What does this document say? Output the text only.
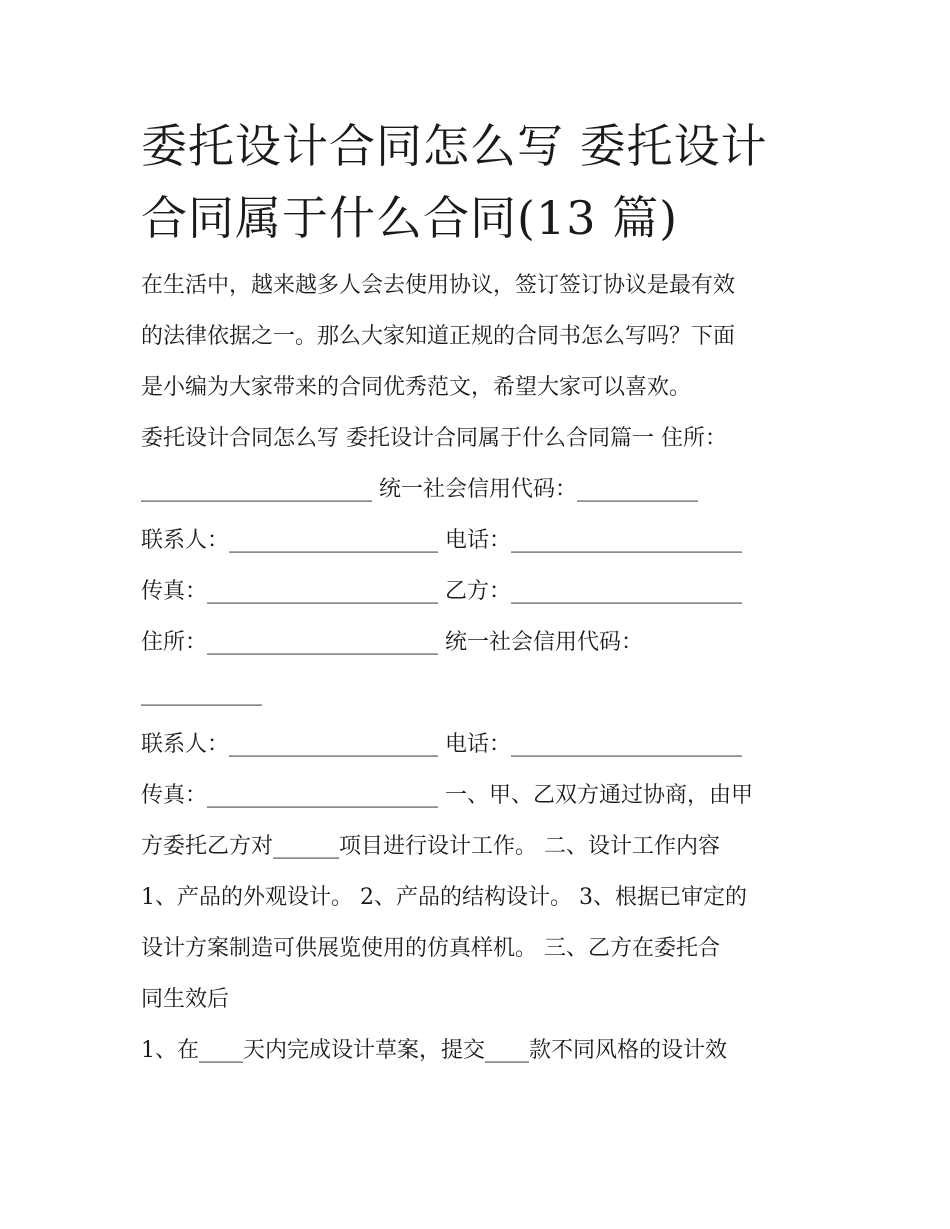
委托设计合同怎么写 委托设计
合同属于什么合同(13 篇)
在生活中，越来越多人会去使用协议，签订签订协议是最有效
的法律依据之一。那么大家知道正规的合同书怎么写吗？下面
是小编为大家带来的合同优秀范文，希望大家可以喜欢。
委托设计合同怎么写 委托设计合同属于什么合同篇一 住所：
_____________________ 统一社会信用代码：___________
联系人：___________________ 电话：_____________________
传真：_____________________ 乙方：_____________________
住所：_____________________ 统一社会信用代码：
___________
联系人：___________________ 电话：_____________________
传真：_____________________ 一、甲、乙双方通过协商，由甲
方委托乙方对______项目进行设计工作。 二、设计工作内容
1、产品的外观设计。 2、产品的结构设计。 3、根据已审定的
设计方案制造可供展览使用的仿真样机。 三、乙方在委托合
同生效后
1、在____天内完成设计草案，提交____款不同风格的设计效
